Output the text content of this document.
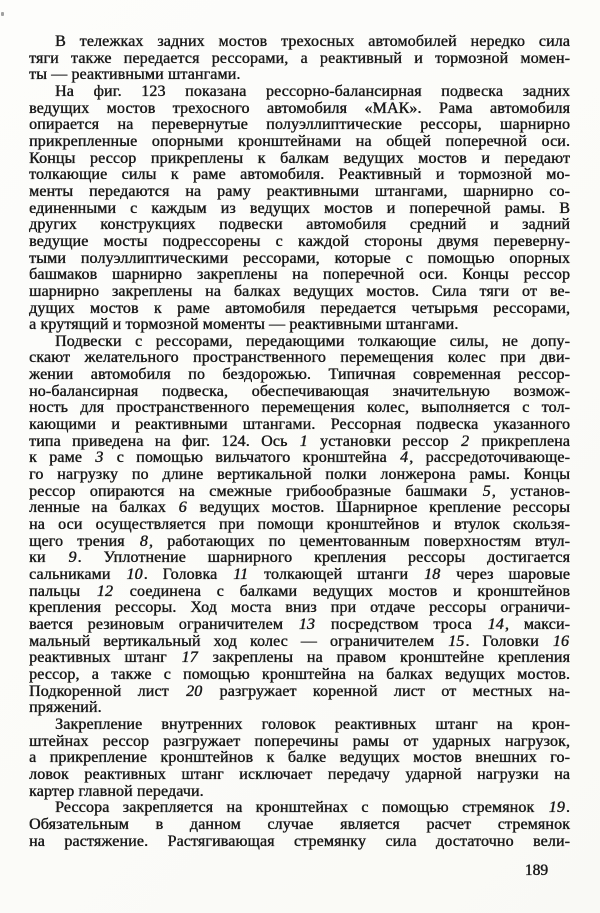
В тележках задних мостов трехосных автомобилей нередко сила
тяги также передается рессорами, а реактивный и тормозной момен-
ты — реактивными штангами.

На фиг. 123 показана рессорно-балансирная подвеска задних
ведущих мостов трехосного автомобиля «МАК». Рама автомобиля
опирается на перевернутые полуэллиптические рессоры, шарнирно
прикрепленные опорными кронштейнами на общей поперечной оси.
Концы рессор прикреплены к балкам ведущих мостов и передают
толкающие силы к раме автомобиля. Реактивный и тормозной мо-
менты передаются на раму реактивными штангами, шарнирно со-
единенными с каждым из ведущих мостов и поперечной рамы. В
других конструкциях подвески автомобиля средний и задний
ведущие мосты подрессорены с каждой стороны двумя переверну-
тыми полуэллиптическими рессорами, которые с помощью опорных
башмаков шарнирно закреплены на поперечной оси. Концы рессор
шарнирно закреплены на балках ведущих мостов. Сила тяги от ве-
дущих мостов к раме автомобиля передается четырьмя рессорами,
а крутящий и тормозной моменты — реактивными штангами.

Подвески с рессорами, передающими толкающие силы, не допу-
скают желательного пространственного перемещения колес при дви-
жении автомобиля по бездорожью. Типичная современная рессор-
но-балансирная подвеска, обеспечивающая значительную возмож-
ность для пространственного перемещения колес, выполняется с тол-
кающими и реактивными штангами. Рессорная подвеска указанного
типа приведена на фиг. 124. Ось 1 установки рессор 2 прикреплена
к раме 3 с помощью вильчатого кронштейна 4, рассредоточивающе-
го нагрузку по длине вертикальной полки лонжерона рамы. Концы
рессор опираются на смежные грибообразные башмаки 5, установ-
ленные на балках 6 ведущих мостов. Шарнирное крепление рессоры
на оси осуществляется при помощи кронштейнов и втулок скользя-
щего трения 8, работающих по цементованным поверхностям втул-
ки 9. Уплотнение шарнирного крепления рессоры достигается
сальниками 10. Головка 11 толкающей штанги 18 через шаровые
пальцы 12 соединена с балками ведущих мостов и кронштейнов
крепления рессоры. Ход моста вниз при отдаче рессоры ограничи-
вается резиновым ограничителем 13 посредством троса 14, макси-
мальный вертикальный ход колес — ограничителем 15. Головки 16
реактивных штанг 17 закреплены на правом кронштейне крепления
рессор, а также с помощью кронштейна на балках ведущих мостов.
Подкоренной лист 20 разгружает коренной лист от местных на-
пряжений.

Закрепление внутренних головок реактивных штанг на крон-
штейнах рессор разгружает поперечины рамы от ударных нагрузок,
а прикрепление кронштейнов к балке ведущих мостов внешних го-
ловок реактивных штанг исключает передачу ударной нагрузки на
картер главной передачи.

Рессора закрепляется на кронштейнах с помощью стремянок 19.
Обязательным в данном случае является расчет стремянок
на растяжение. Растягивающая стремянку сила достаточно вели-

189
